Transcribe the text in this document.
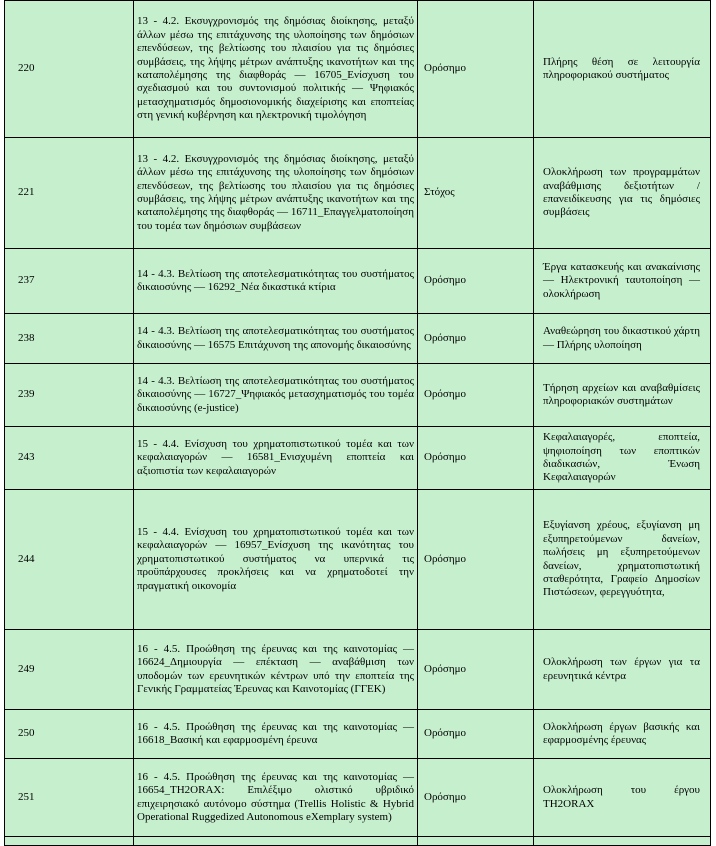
220	13 - 4.2. Εκσυγχρονισμός της δημόσιας διοίκησης, μεταξύ άλλων μέσω της επιτάχυνσης της υλοποίησης των δημόσιων επενδύσεων, της βελτίωσης του πλαισίου για τις δημόσιες συμβάσεις, της λήψης μέτρων ανάπτυξης ικανοτήτων και της καταπολέμησης της διαφθοράς — 16705_Ενίσχυση του σχεδιασμού και του συντονισμού πολιτικής — Ψηφιακός μετασχηματισμός δημοσιονομικής διαχείρισης και εποπτείας στη γενική κυβέρνηση και ηλεκτρονική τιμολόγηση	Ορόσημο	Πλήρης θέση σε λειτουργία πληροφοριακού συστήματος
221	13 - 4.2. Εκσυγχρονισμός της δημόσιας διοίκησης, μεταξύ άλλων μέσω της επιτάχυνσης της υλοποίησης των δημόσιων επενδύσεων, της βελτίωσης του πλαισίου για τις δημόσιες συμβάσεις, της λήψης μέτρων ανάπτυξης ικανοτήτων και της καταπολέμησης της διαφθοράς — 16711_Επαγγελματοποίηση του τομέα των δημόσιων συμβάσεων	Στόχος	Ολοκλήρωση των προγραμμάτων αναβάθμισης δεξιοτήτων / επανειδίκευσης για τις δημόσιες συμβάσεις
237	14 - 4.3. Βελτίωση της αποτελεσματικότητας του συστήματος δικαιοσύνης — 16292_Νέα δικαστικά κτίρια	Ορόσημο	Έργα κατασκευής και ανακαίνισης — Ηλεκτρονική ταυτοποίηση — ολοκλήρωση
238	14 - 4.3. Βελτίωση της αποτελεσματικότητας του συστήματος δικαιοσύνης — 16575 Επιτάχυνση της απονομής δικαιοσύνης	Ορόσημο	Αναθεώρηση του δικαστικού χάρτη — Πλήρης υλοποίηση
239	14 - 4.3. Βελτίωση της αποτελεσματικότητας του συστήματος δικαιοσύνης — 16727_Ψηφιακός μετασχηματισμός του τομέα δικαιοσύνης (e-justice)	Ορόσημο	Τήρηση αρχείων και αναβαθμίσεις πληροφοριακών συστημάτων
243	15 - 4.4. Ενίσχυση του χρηματοπιστωτικού τομέα και των κεφαλαιαγορών — 16581_Ενισχυμένη εποπτεία και αξιοπιστία των κεφαλαιαγορών	Ορόσημο	Κεφαλαιαγορές, εποπτεία, ψηφιοποίηση των εποπτικών διαδικασιών, Ένωση Κεφαλαιαγορών
244	15 - 4.4. Ενίσχυση του χρηματοπιστωτικού τομέα και των κεφαλαιαγορών — 16957_Ενίσχυση της ικανότητας του χρηματοπιστωτικού συστήματος να υπερνικά τις προϋπάρχουσες προκλήσεις και να χρηματοδοτεί την πραγματική οικονομία	Ορόσημο	Εξυγίανση χρέους, εξυγίανση μη εξυπηρετούμενων δανείων, πωλήσεις μη εξυπηρετούμενων δανείων, χρηματοπιστωτική σταθερότητα, Γραφείο Δημοσίων Πιστώσεων, φερεγγυότητα,
249	16 - 4.5. Προώθηση της έρευνας και της καινοτομίας — 16624_Δημιουργία — επέκταση — αναβάθμιση των υποδομών των ερευνητικών κέντρων υπό την εποπτεία της Γενικής Γραμματείας Έρευνας και Καινοτομίας (ΓΓΕΚ)	Ορόσημο	Ολοκλήρωση των έργων για τα ερευνητικά κέντρα
250	16 - 4.5. Προώθηση της έρευνας και της καινοτομίας — 16618_Βασική και εφαρμοσμένη έρευνα	Ορόσημο	Ολοκλήρωση έργων βασικής και εφαρμοσμένης έρευνας
251	16 - 4.5. Προώθηση της έρευνας και της καινοτομίας — 16654_TH2ORAX: Επιλέξιμο ολιστικό υβριδικό επιχειρησιακό αυτόνομο σύστημα (Trellis Holistic & Hybrid Operational Ruggedized Autonomous eXemplary system)	Ορόσημο	Ολοκλήρωση του έργου TH2ORAX
